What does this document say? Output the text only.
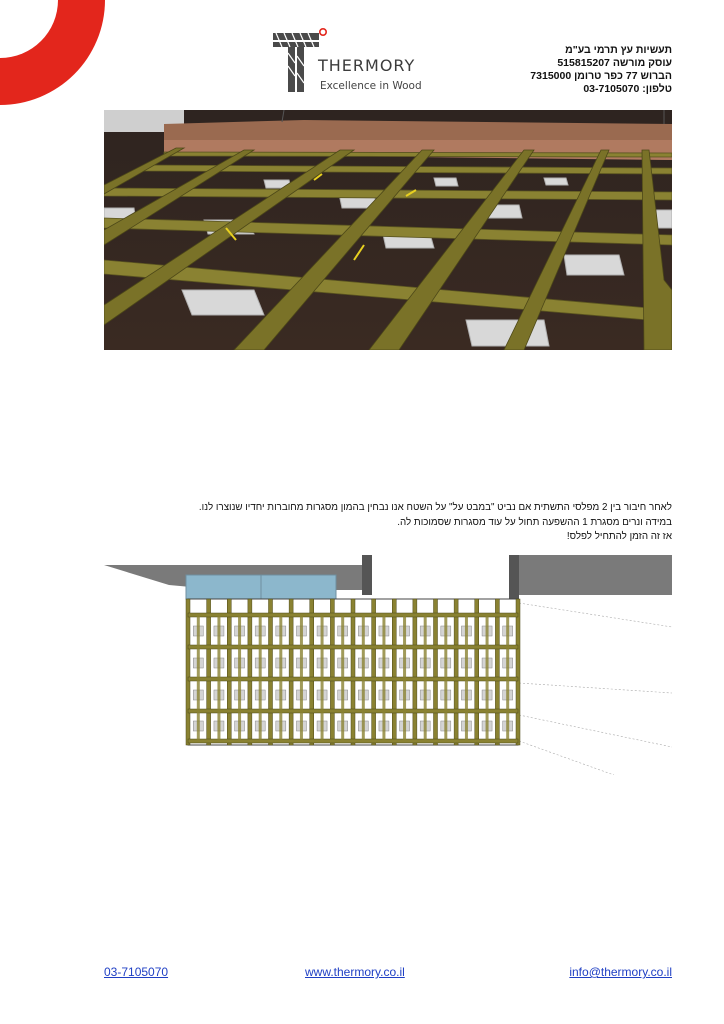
THERMORY
Excellence in Wood
תעשיות עץ תרמי בע"מ
עוסק מורשה 515815207
הברוש 77 כפר טרומן 7315000
טלפון: 03-7105070
לאחר חיבור בין 2 מפלסי התשתית אם נביט "במבט על" על השטח אנו נבחין בהמון מסגרות מחוברות יחדיו שנוצרו לנו.
במידה ונרים מסגרת 1 ההשפעה תחול על עוד מסגרות שסמוכות לה.
אז זה הזמן להתחיל לפלס!
03-7105070	www.thermory.co.il	info@thermory.co.il
